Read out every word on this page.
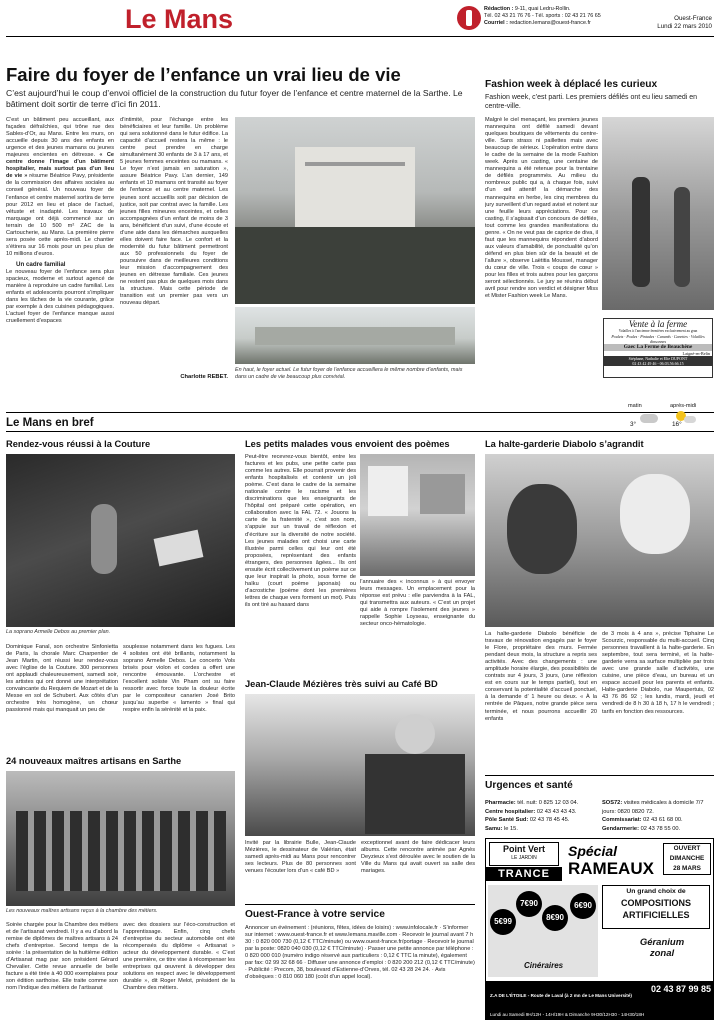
Le Mans	Rédaction : 9-11, quai Ledru-Rollin.
Tél. 02 43 21 76 76 - Tél. sports : 02 43 21 76 65
Courriel : redaction.lemans@ouest-france.fr
Ouest-France
Lundi 22 mars 2010
Faire du foyer de l’enfance un vrai lieu de vie
C’est aujourd’hui le coup d’envoi officiel de la construction du futur foyer de l’enfance et centre maternel de la Sarthe. Le bâtiment doit sortir de terre d’ici fin 2011.
C’est un bâtiment peu accueillant, aux façades défraîchies, qui trône rue des Sables-d’Or, au Mans. Entre les murs, on accueille depuis 30 ans des enfants en urgence et des jeunes mamans ou jeunes majeures encientes en détresse. « Ce centre donne l’image d’un bâtiment hospitalier, mais surtout pas d’un lieu de vie » résume Béatrice Pavy, présidente de la commission des affaires sociales au conseil général. Un nouveau foyer de l’enfance et centre maternel sortira de terre pour 2012 en lieu et place de l’actuel, vétuste et inadapté. Les travaux de marquage ont déjà commencé sur un terrain de 10 500 m² ZAC de la Cartoucherie, au Mans. La première pierre sera posée cette après-midi. Le chantier s’étirera sur 16 mois pour un peu plus de 10 millions d’euros.
Un cadre familial
Le nouveau foyer de l’enfance sera plus spacieux, moderne et surtout agencé de manière à reproduire un cadre familial. Les enfants et adolescents pourront s’impliquer dans les tâches de la vie courante, grâce par exemple à des cuisines pédagogiques. L’actuel foyer de l’enfance manque aussi cruellement d’espaces
d’intimité, pour l’échange entre les bénéficiaires et leur famille. Un problème qui sera solutionné dans le futur édifice. La capacité d’accueil restera la même : le centre peut prendre en charge simultanément 30 enfants de 3 à 17 ans, et 5 jeunes femmes enceintes ou mamans. « Le foyer n’est jamais en saturation », assure Béatrice Pavy. L’an dernier, 149 enfants et 10 mamans ont transité au foyer de l’enfance et au centre maternel. Les jeunes sont accueillis soit par décision de justice, soit par contrat avec la famille. Les jeunes filles mineures enceintes, et celles accompagnées d’un enfant de moins de 3 ans, bénéficient d’un suivi, d’une écoute et d’une aide dans les démarches auxquelles elles doivent faire face. Le confort et la modernité du futur bâtiment permettront aux 50 professionnels du foyer de poursuivre dans de meilleures conditions leur mission d’accompagnement des jeunes en détresse familiale. Ces jeunes ne restent pas plus de quelques mois dans la structure. Mais cette période de transition est un premier pas vers un nouveau départ.
Charlotte REBET.
En haut, le foyer actuel. Le futur foyer de l’enfance accueillera le même nombre d’enfants, mais dans un cadre de vie beaucoup plus convivial.
Fashion week à déplacé les curieux
Fashion week, c’est parti. Les premiers défilés ont eu lieu samedi en centre-ville.
Malgré le ciel menaçant, les premiers jeunes mannequins ont défilé samedi devant quelques boutiques de vêtements du centre-ville. Sans strass ni paillettes mais avec beaucoup de sérieux. L’opération entre dans le cadre de la semaine de la mode Fashion week. Après un casting, une centaine de mannequins a été retenue pour la trentaine de défilés programmés. Au milieu du nombreux public qui a, à chaque fois, suivi d’un œil attentif la démarche des mannequins en herbe, les cinq membres du jury surveillent d’un regard avisé et notent sur une feuille leurs appréciations. Pour ce casting, il s’agissait d’un concours de défilés, tout comme les grandes manifestations du genre. « On ne veut pas de caprice de diva, il faut que les mannequins répondent d’abord aux valeurs d’amabilité, de ponctualité qu’on défend en plus bien sûr de la beauté et de l’allure », observe Laëtitia Moussel, manager du cœur de ville. Trois « coups de cœur » pour les filles et trois autres pour les garçons seront sélectionnés. Le jury se réunira début avril pour rendre son verdict et désigner Miss et Mister Fashion week Le Mans.
Vente à la ferme
Volailles à l’ancienne fermières exclusivement au gran
Poulets · Poules · Pintades · Canards · Canettes · Volailles dinsonnes
Gaec La Ferme de Beauchêne
Laigné-en-Belin
Stéphane, Nathalie et Elie DUPONT
02 43 42 49 46 - 06.03.56.66.15
Le Mans en bref
matin	après-midi
3°	16°
Rendez-vous réussi à la Couture
La soprano Armelle Debos au premier plan.
Dominique Fanal, son orchestre Sinfonietta de Paris, la chorale Marc Charpentier de Jean Martin, ont réussi leur rendez-vous avec l’église de la Couture. 300 personnes ont applaudi chaleureusement, samedi soir, les artistes qui ont donné une interprétation convaincante du Requiem de Mozart et de la Messe en sol de Schubert. Aux côtés d’un orchestre très homogène, un chœur passionné mais qui manquait un peu de
souplesse notamment dans les fugues. Les 4 solistes ont été brillants, notamment la soprano Armelle Debos. Le concerto Vols brisés pour violon et cordes a offert une rencontre émouvante. L’orchestre et l’excellent soliste Vin Pham ont su faire ressortir avec force toute la douleur écrite par le compositeur canarien José Brito jusqu’au superbe « lamento » final qui respire enfin la sérénité et la paix.
24 nouveaux maîtres artisans en Sarthe
Les nouveaux maîtres artisans reçus à la chambre des métiers.
Soirée chargée pour la Chambre des métiers et de l’artisanat vendredi. Il y a eu d’abord la remise de diplômes de maîtres artisans à 24 chefs d’entreprise. Second temps de la soirée : la présentation de la huitième édition d’Artisanat mag par son président Gérard Chevalier. Cette revue annuelle de belle facture a été tirée à 40 000 exemplaires pour son édition sarthoise. Elle traite comme son nom l’indique des métiers de l’artisanat
avec des dossiers sur l’éco-construction et l’apprentissage. Enfin, cinq chefs d’entreprise du secteur automobile ont été récompensés du diplôme « Artisanat » acteur du développement durable. « C’est une première, ce titre vise à récompenser les entreprises qui œuvrent à développer des solutions en respect avec le développement durable », dit Roger Melot, président de la Chambre des métiers.
Les petits malades vous envoient des poèmes
Peut-être recevrez-vous bientôt, entre les factures et les pubs, une petite carte pas comme les autres. Elle pourrait provenir des enfants hospitalisés et contenir un joli poème. C’est dans le cadre de la semaine nationale contre le racisme et les discriminations que les enseignants de l’hôpital ont préparé cette opération, en collaboration avec la FAL 72. « Jouons la carte de la fraternité », c’est son nom, s’appuie sur un travail de réflexion et d’écriture sur la diversité de notre société. Les jeunes malades ont choisi une carte illustrée parmi celles qui leur ont été proposées, représentant des enfants étrangers, des personnes âgées... Ils ont ensuite écrit collectivement un poème sur ce que leur inspirait la photo, sous forme de haïku (court poème japonais) ou d’acrostiche (poème dont les premières lettres de chaque vers forment un mot). Puis ils ont tiré au hasard dans
l’annuaire des « inconnus » à qui envoyer leurs messages. Un emplacement pour la réponse est prévu : elle parviendra à la FAL, qui transmettra aux auteurs. « C’est un projet qui aide à rompre l’isolement des jeunes » rappelle Sophie Loyseau, enseignante du secteur onco-hématologie.
Jean-Claude Mézières très suivi au Café BD
Invité par la librairie Bulle, Jean-Claude Mézières, le dessinateur de Valérian, était samedi après-midi au Mans pour rencontrer ses lecteurs. Plus de 80 personnes sont venues l’écouter lors d’un « café BD »
exceptionnel avant de faire dédicacer leurs albums. Cette rencontre animée par Agnès Deyzieux s’est déroulée avec le soutien de la Ville du Mans qui avait ouvert sa salle des mariages.
Ouest-France à votre service
Annoncer un événement : (réunions, fêtes, idées de loisirs) : www.infolocale.fr · S’informer sur internet : www.ouest-france.fr et www.lemans.maville.com · Recevoir le journal avant 7 h 30 : 0 820 000 730 (0,12 € TTC/minute) ou www.ouest-france.fr/portage · Recevoir le journal par la poste: 0820 040 030 (0,12 € TTC/minute) · Passer une petite annonce par téléphone : 0 820 000 010 (numéro indigo réservé aux particuliers : 0,12 € TTC la minute), également par fax: 02 99 32 68 66 · Diffuser une annonce d’emploi : 0 820 200 212 (0,12 € TTC/minute) · Publicité : Precom, 38, boulevard d’Estienne-d’Orves, tél. 02 43 28 24 24. · Avis d’obsèques : 0 810 060 180 (coût d’un appel local).
La halte-garderie Diabolo s’agrandit
La halte-garderie Diabolo bénéficie de travaux de rénovation engagés par le foyer le Flore, propriétaire des murs. Fermée pendant deux mois, la structure a repris ses activités. Avec des changements : une amplitude horaire élargie, des possibilités de contrats sur 4 jours, 3 jours, (une réflexion est en cours sur le temps partiel), tout en conservant la potentialité d’accueil ponctuel, à la demande d’ 1 heure ou deux. « À la rentrée de Pâques, notre grande pièce sera terminée, et nous pourrons accueillir 20 enfants
de 3 mois à 4 ans », précise Tiphaine Le Scourzic, responsable du multi-accueil. Cinq personnes travaillent à la halte-garderie. En septembre, tout sera terminé, et la halte-garderie verra sa surface multipliée par trois avec une grande salle d’activités, une cuisine, une pièce d’eau, un bureau et un espace accueil pour les parents et enfants. Halte-garderie Diabolo, rue Maupertuis, 02 43 76 86 92 ; les lundis, mardi, jeudi et vendredi de 8 h 30 à 18 h, 17 h le vendredi ; tarifs en fonction des ressources.
Urgences et santé
Pharmacie: tél. nuit: 0 825 12 03 04.
Centre hospitalier: 02 43 43 43 43.
Pôle Santé Sud: 02 43 78 45 45.
Samu: le 15.
SOS72: visites médicales à domicile 7/7 jours: 0820 0820 72.
Commissariat: 02 43 61 68 00.
Gendarmerie: 02 43 78 55 00.
Point Vert
LE JARDIN
TRANCE
Spécial
RAMEAUX
OUVERT
DIMANCHE
28 MARS
5€99
7€90
8€90
6€90
Cinéraires
Un grand choix de
COMPOSITIONS
ARTIFICIELLES
Géranium
zonal
Z.A DE L’ÉTOILE - Route de Laval (à 2 mn de Le Mans Université)
02 43 87 99 85
Lundi au Samedi 9H/12H - 14H/19H & Dimanche 9H30/12H30 - 14H30/18H
